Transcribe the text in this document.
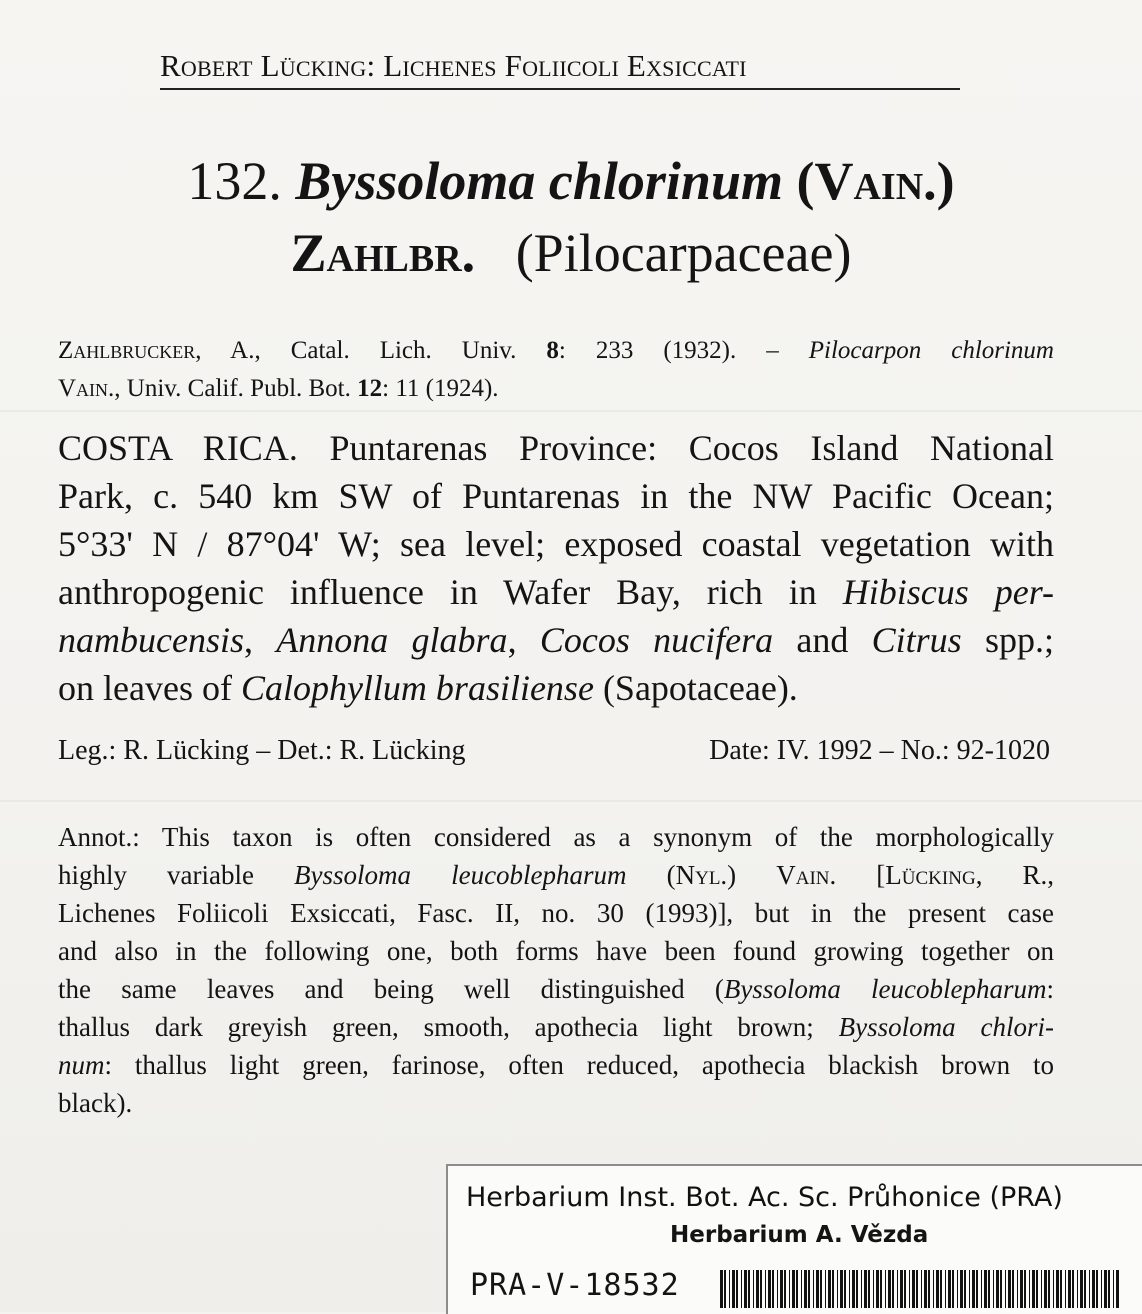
Robert Lücking: Lichenes Foliicoli Exsiccati
132. Byssoloma chlorinum (Vain.)
Zahlbr. (Pilocarpaceae)
Zahlbrucker, A., Catal. Lich. Univ. 8: 233 (1932). – Pilocarpon chlorinum
Vain., Univ. Calif. Publ. Bot. 12: 11 (1924).
COSTA RICA. Puntarenas Province: Cocos Island National
Park, c. 540 km SW of Puntarenas in the NW Pacific Ocean;
5°33' N / 87°04' W; sea level; exposed coastal vegetation with
anthropogenic influence in Wafer Bay, rich in Hibiscus per-
nambucensis, Annona glabra, Cocos nucifera and Citrus spp.;
on leaves of Calophyllum brasiliense (Sapotaceae).
Leg.: R. Lücking – Det.: R. Lücking	Date: IV. 1992 – No.: 92-1020
Annot.: This taxon is often considered as a synonym of the morphologically
highly variable Byssoloma leucoblepharum (Nyl.) Vain. [Lücking, R.,
Lichenes Foliicoli Exsiccati, Fasc. II, no. 30 (1993)], but in the present case
and also in the following one, both forms have been found growing together on
the same leaves and being well distinguished (Byssoloma leucoblepharum:
thallus dark greyish green, smooth, apothecia light brown; Byssoloma chlori-
num: thallus light green, farinose, often reduced, apothecia blackish brown to
black).
Herbarium Inst. Bot. Ac. Sc. Průhonice (PRA)
Herbarium A. Vězda
PRA-V-18532
